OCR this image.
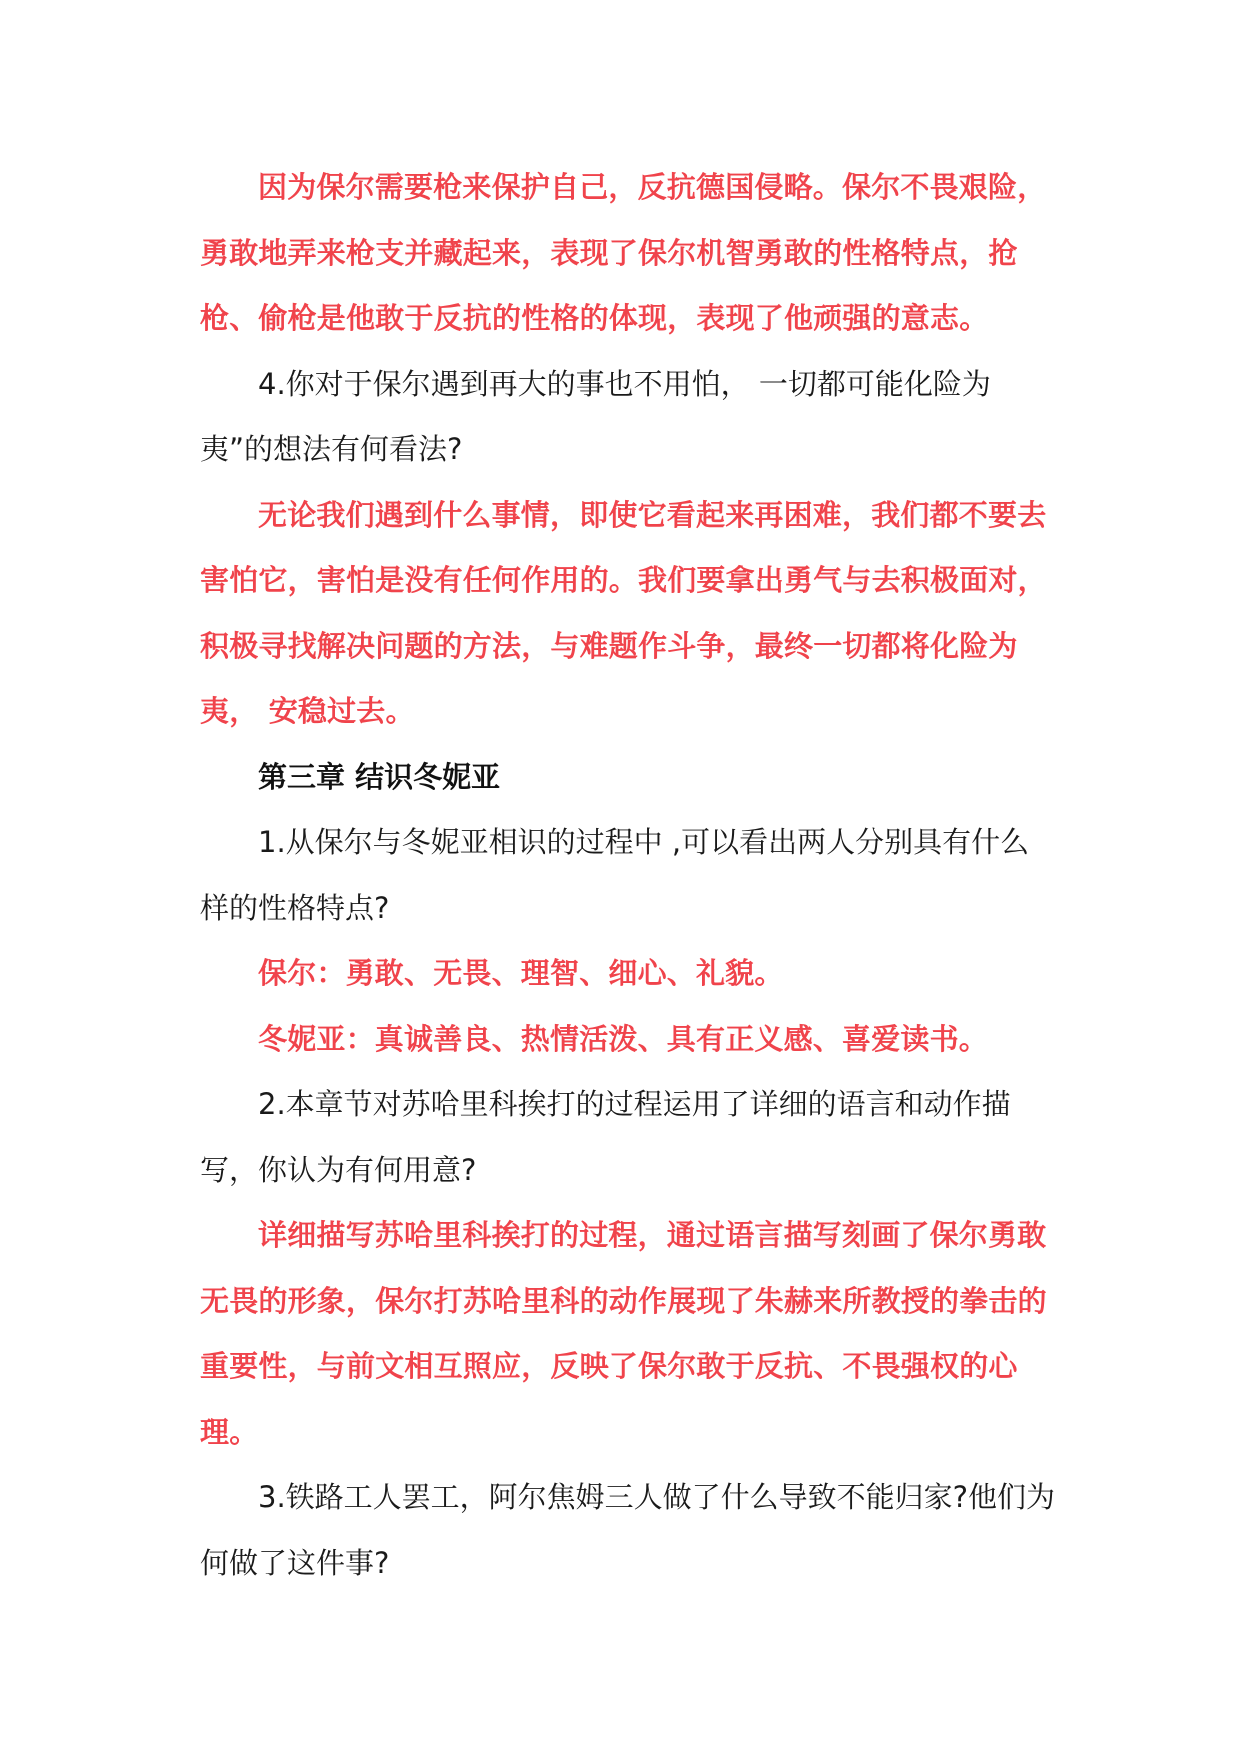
因为保尔需要枪来保护自己，反抗德国侵略。保尔不畏艰险，勇敢地弄来枪支并藏起来，表现了保尔机智勇敢的性格特点，抢枪、偷枪是他敢于反抗的性格的体现，表现了他顽强的意志。

4.你对于保尔遇到再大的事也不用怕， 一切都可能化险为夷”的想法有何看法?

无论我们遇到什么事情，即使它看起来再困难，我们都不要去害怕它，害怕是没有任何作用的。我们要拿出勇气与去积极面对，积极寻找解决问题的方法，与难题作斗争，最终一切都将化险为夷， 安稳过去。

第三章 结识冬妮亚

1.从保尔与冬妮亚相识的过程中 ,可以看出两人分别具有什么样的性格特点?

保尔：勇敢、无畏、理智、细心、礼貌。

冬妮亚：真诚善良、热情活泼、具有正义感、喜爱读书。

2.本章节对苏哈里科挨打的过程运用了详细的语言和动作描写，你认为有何用意?

详细描写苏哈里科挨打的过程，通过语言描写刻画了保尔勇敢无畏的形象，保尔打苏哈里科的动作展现了朱赫来所教授的拳击的重要性，与前文相互照应，反映了保尔敢于反抗、不畏强权的心理。

3.铁路工人罢工，阿尔焦姆三人做了什么导致不能归家?他们为何做了这件事?
